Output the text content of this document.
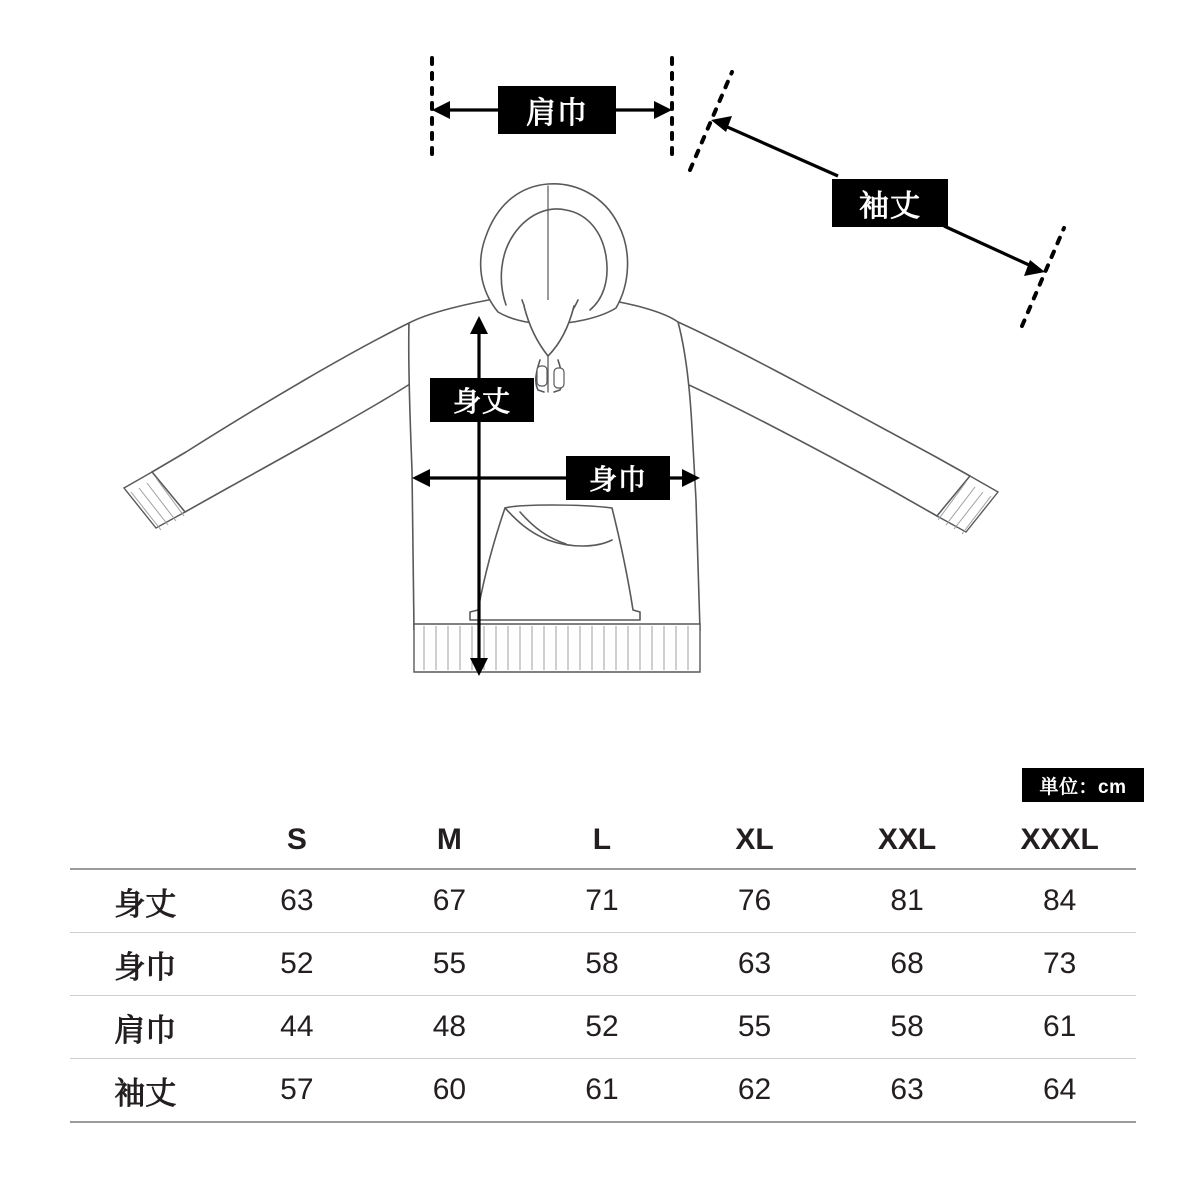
肩巾
袖丈
身丈
身巾
単位：cm
	S	M	L	XL	XXL	XXXL
身丈	63	67	71	76	81	84
身巾	52	55	58	63	68	73
肩巾	44	48	52	55	58	61
袖丈	57	60	61	62	63	64
